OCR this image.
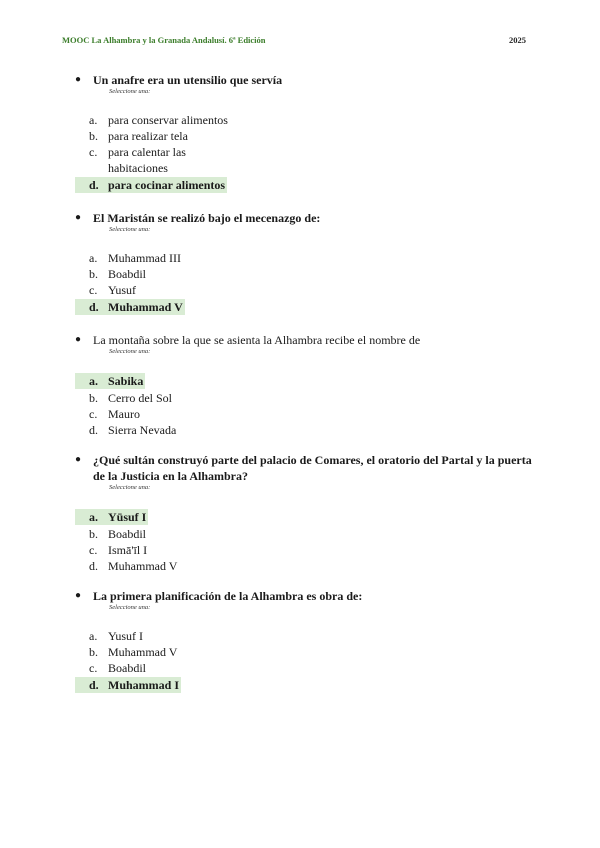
MOOC La Alhambra y la Granada Andalusí. 6ª Edición	2025
● Un anafre era un utensilio que servía
Seleccione una:
a. para conservar alimentos
b. para realizar tela
c. para calentar las habitaciones
d. para cocinar alimentos
● El Maristán se realizó bajo el mecenazgo de:
Seleccione una:
a. Muhammad III
b. Boabdil
c. Yusuf
d. Muhammad V
● La montaña sobre la que se asienta la Alhambra recibe el nombre de
Seleccione una:
a. Sabika
b. Cerro del Sol
c. Mauro
d. Sierra Nevada
● ¿Qué sultán construyó parte del palacio de Comares, el oratorio del Partal y la puerta de la Justicia en la Alhambra?
Seleccione una:
a. Yūsuf I
b. Boabdil
c. Ismā'īl I
d. Muhammad V
● La primera planificación de la Alhambra es obra de:
Seleccione una:
a. Yusuf I
b. Muhammad V
c. Boabdil
d. Muhammad I
